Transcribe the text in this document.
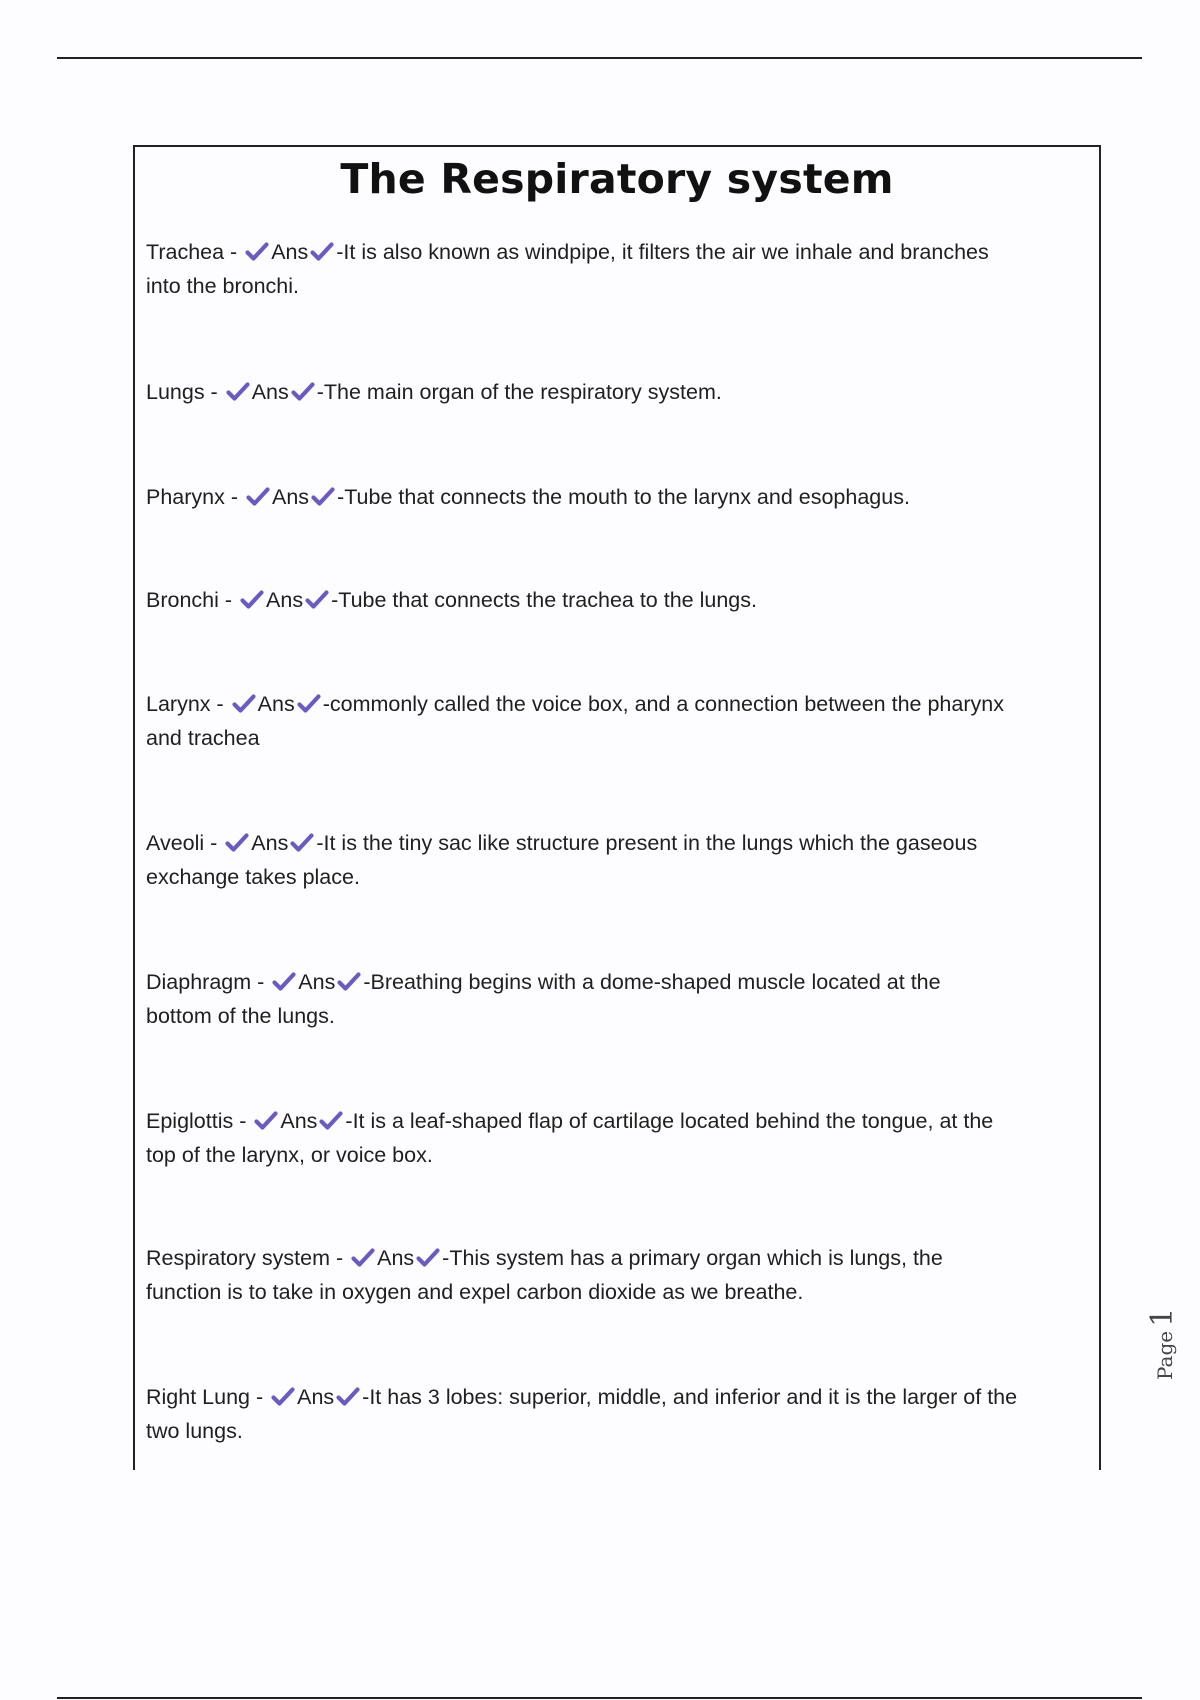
The Respiratory system
Trachea -
Ans -It is also known as windpipe, it filters the air we inhale and branches
into the bronchi.
Lungs -
Ans -The main organ of the respiratory system.

Pharynx -
Ans -Tube that connects the mouth to the larynx and esophagus.

Bronchi -
Ans -Tube that connects the trachea to the lungs.

Larynx -
Ans -commonly called the voice box, and a connection between the pharynx
and trachea
Aveoli -
Ans -It is the tiny sac like structure present in the lungs which the gaseous
exchange takes place.
Diaphragm -
Ans -Breathing begins with a dome-shaped muscle located at the
bottom of the lungs.
Epiglottis -
Ans -It is a leaf-shaped flap of cartilage located behind the tongue, at the
top of the larynx, or voice box.
Respiratory system -
Ans -This system has a primary organ which is lungs, the
function is to take in oxygen and expel carbon dioxide as we breathe.
Right Lung -
Ans -It has 3 lobes: superior, middle, and inferior and it is the larger of the
two lungs.
Page1
